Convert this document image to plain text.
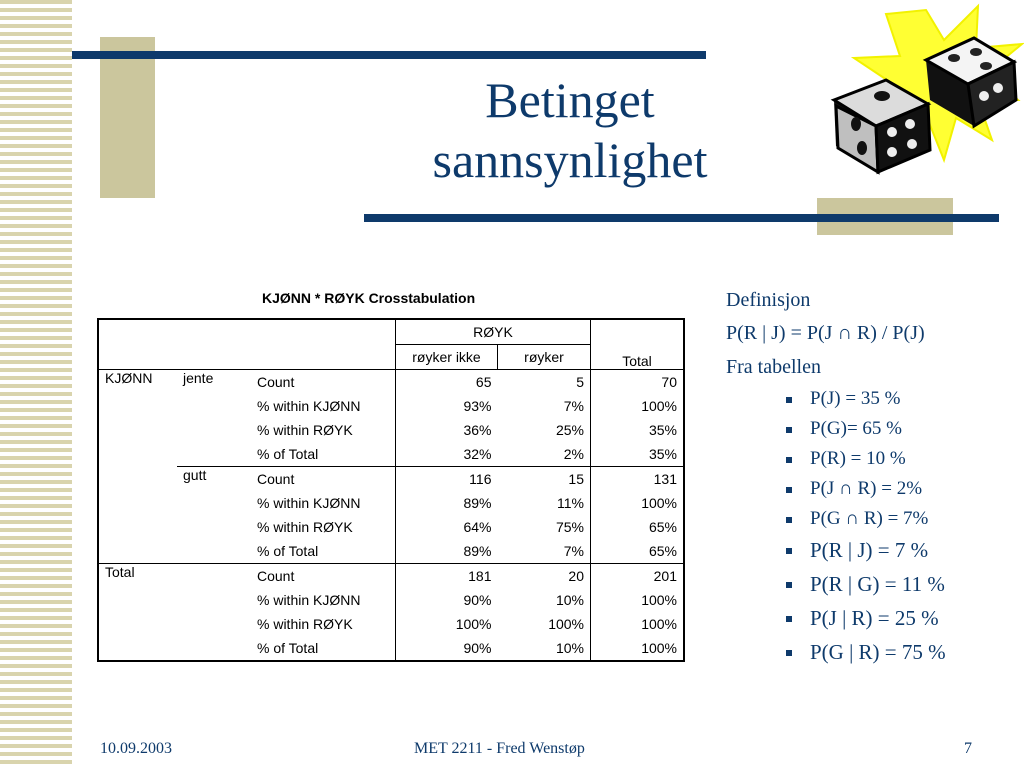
Betinget
sannsynlighet
KJØNN * RØYK Crosstabulation
			RØYK		Total
			røyker ikke	røyker	
KJØNN	jente	Count	65	5	70
		% within KJØNN	93%	7%	100%
		% within RØYK	36%	25%	35%
		% of Total	32%	2%	35%
	gutt	Count	116	15	131
		% within KJØNN	89%	11%	100%
		% within RØYK	64%	75%	65%
		% of Total	89%	7%	65%
Total		Count	181	20	201
		% within KJØNN	90%	10%	100%
		% within RØYK	100%	100%	100%
		% of Total	90%	10%	100%
Definisjon
P(R | J) = P(J ∩ R) / P(J)
Fra tabellen
P(J) = 35 %
P(G)= 65 %
P(R) = 10 %
P(J ∩ R) = 2%
P(G ∩ R) = 7%
P(R | J) = 7 %
P(R | G) = 11 %
P(J | R) = 25 %
P(G | R) = 75 %
10.09.2003	MET 2211 - Fred Wenstøp	7
